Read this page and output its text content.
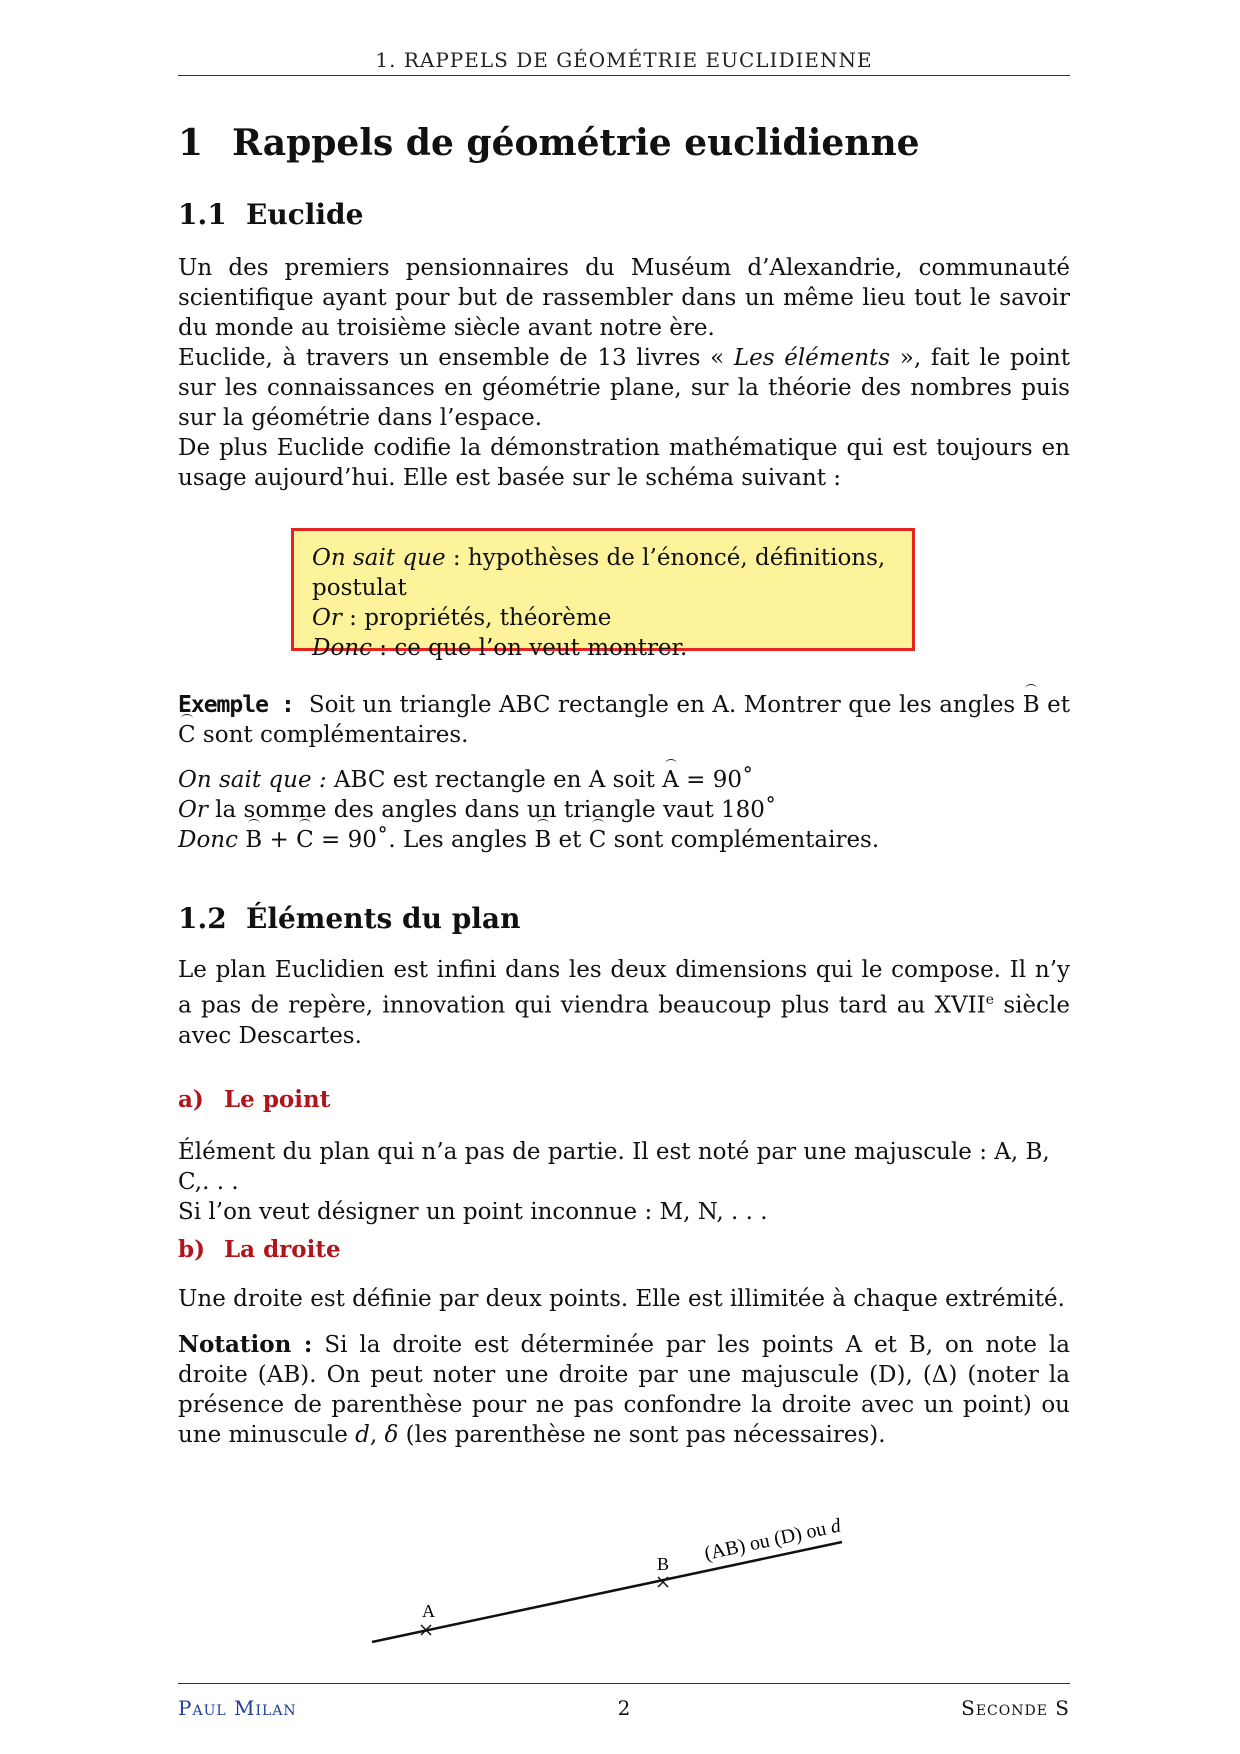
1. RAPPELS DE GÉOMÉTRIE EUCLIDIENNE
1 Rappels de géométrie euclidienne
1.1 Euclide

Un des premiers pensionnaires du Muséum d’Alexandrie, communauté scientifique ayant pour but de rassembler dans un même lieu tout le savoir du monde au troisième siècle avant notre ère.

Euclide, à travers un ensemble de 13 livres « Les éléments », fait le point sur les connaissances en géométrie plane, sur la théorie des nombres puis sur la géométrie dans l’espace.

De plus Euclide codifie la démonstration mathématique qui est toujours en usage aujourd’hui. Elle est basée sur le schéma suivant :

On sait que : hypothèses de l’énoncé, définitions, postulat
Or : propriétés, théorème
Donc : ce que l’on veut montrer.

Exemple : Soit un triangle ABC rectangle en A. Montrer que les angles B et C sont complémentaires.

On sait que : ABC est rectangle en A soit A = 90˚

Or la somme des angles dans un triangle vaut 180˚

Donc B + C = 90˚. Les angles B et C sont complémentaires.

1.2 Éléments du plan

Le plan Euclidien est infini dans les deux dimensions qui le compose. Il n’y a pas de repère, innovation qui viendra beaucoup plus tard au XVIIe siècle avec Descartes.

a) Le point

Élément du plan qui n’a pas de partie. Il est noté par une majuscule : A, B, C,. . .

Si l’on veut désigner un point inconnue : M, N, . . .

b) La droite

Une droite est définie par deux points. Elle est illimitée à chaque extrémité.

Notation : Si la droite est déterminée par les points A et B, on note la droite (AB). On peut noter une droite par une majuscule (D), (Δ) (noter la présence de parenthèse pour ne pas confondre la droite avec un point) ou une minuscule d, δ (les parenthèse ne sont pas nécessaires).

A
B (AB) ou (D) ou d
Paul Milan	2	Seconde S
